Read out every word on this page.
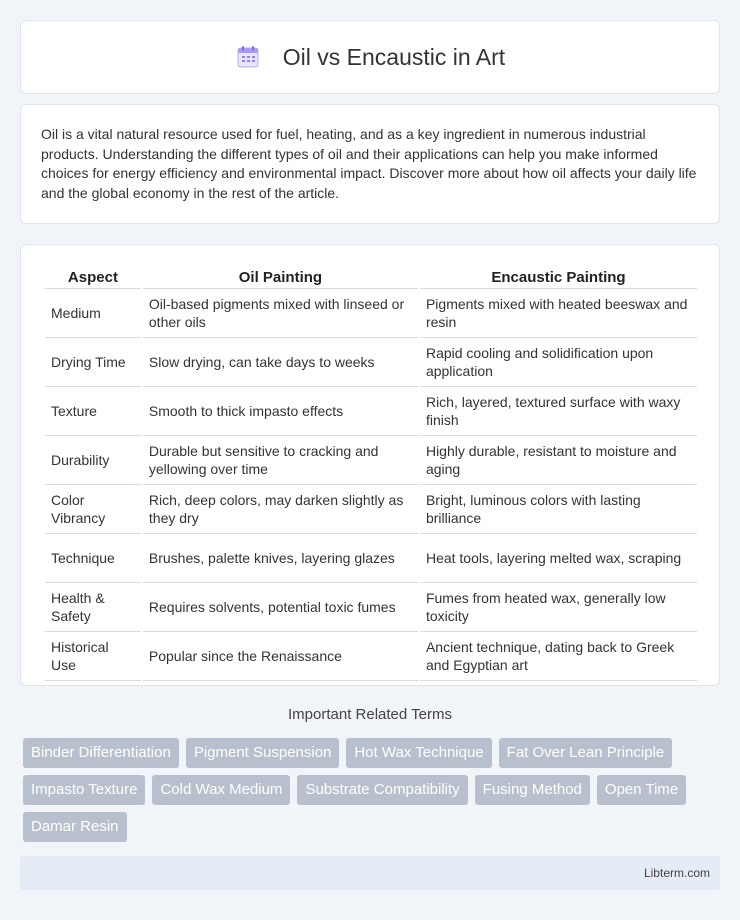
Oil vs Encaustic in Art

Oil is a vital natural resource used for fuel, heating, and as a key ingredient in numerous industrial products. Understanding the different types of oil and their applications can help you make informed choices for energy efficiency and environmental impact. Discover more about how oil affects your daily life and the global economy in the rest of the article.

Aspect	Oil Painting	Encaustic Painting
Medium	Oil-based pigments mixed with linseed or other oils	Pigments mixed with heated beeswax and resin
Drying Time	Slow drying, can take days to weeks	Rapid cooling and solidification upon application
Texture	Smooth to thick impasto effects	Rich, layered, textured surface with waxy finish
Durability	Durable but sensitive to cracking and yellowing over time	Highly durable, resistant to moisture and aging
Color Vibrancy	Rich, deep colors, may darken slightly as they dry	Bright, luminous colors with lasting brilliance
Technique	Brushes, palette knives, layering glazes	Heat tools, layering melted wax, scraping
Health & Safety	Requires solvents, potential toxic fumes	Fumes from heated wax, generally low toxicity
Historical Use	Popular since the Renaissance	Ancient technique, dating back to Greek and Egyptian art
Important Related Terms
Binder Differentiation	Pigment Suspension	Hot Wax Technique	Fat Over Lean Principle
Impasto Texture	Cold Wax Medium	Substrate Compatibility	Fusing Method	Open Time
Damar Resin
Libterm.com
